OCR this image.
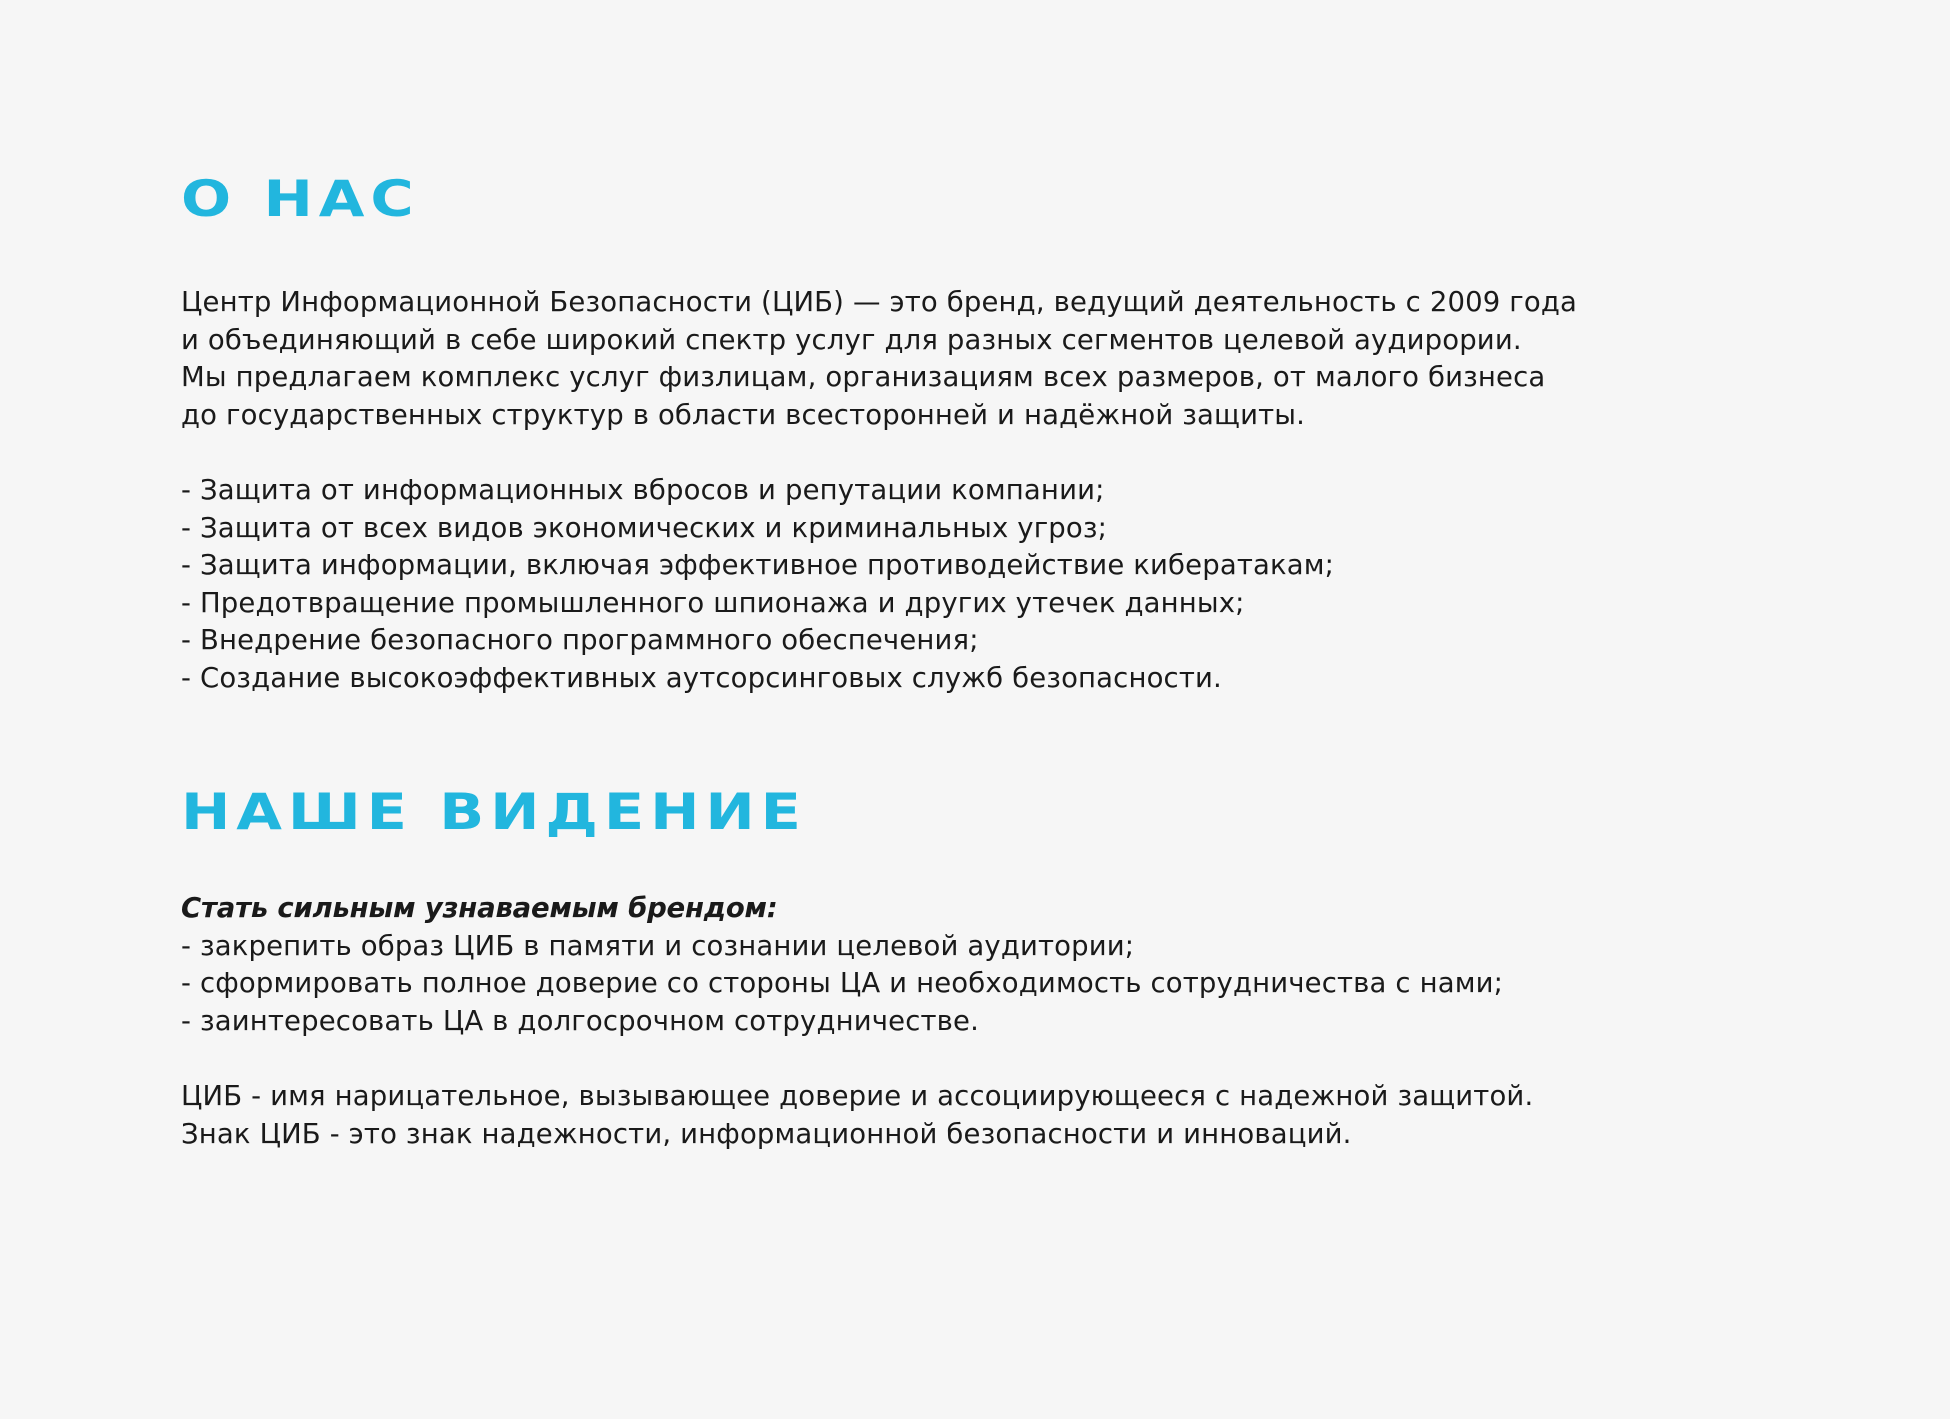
О НАС

Центр Информационной Безопасности (ЦИБ) — это бренд, ведущий деятельность с 2009 года
и объединяющий в себе широкий спектр услуг для разных сегментов целевой аудирории.
Мы предлагаем комплекс услуг физлицам, организациям всех размеров, от малого бизнеса
до государственных структур в области всесторонней и надёжной защиты.

- Защита от информационных вбросов и репутации компании;
- Защита от всех видов экономических и криминальных угроз;
- Защита информации, включая эффективное противодействие кибератакам;
- Предотвращение промышленного шпионажа и других утечек данных;
- Внедрение безопасного программного обеспечения;
- Создание высокоэффективных аутсорсинговых служб безопасности.
НАШЕ ВИДЕНИЕ
Стать сильным узнаваемым брендом:
- закрепить образ ЦИБ в памяти и сознании целевой аудитории;
- сформировать полное доверие со стороны ЦА и необходимость сотрудничества с нами;
- заинтересовать ЦА в долгосрочном сотрудничестве.

ЦИБ - имя нарицательное, вызывающее доверие и ассоциирующееся с надежной защитой.
Знак ЦИБ - это знак надежности, информационной безопасности и инноваций.
